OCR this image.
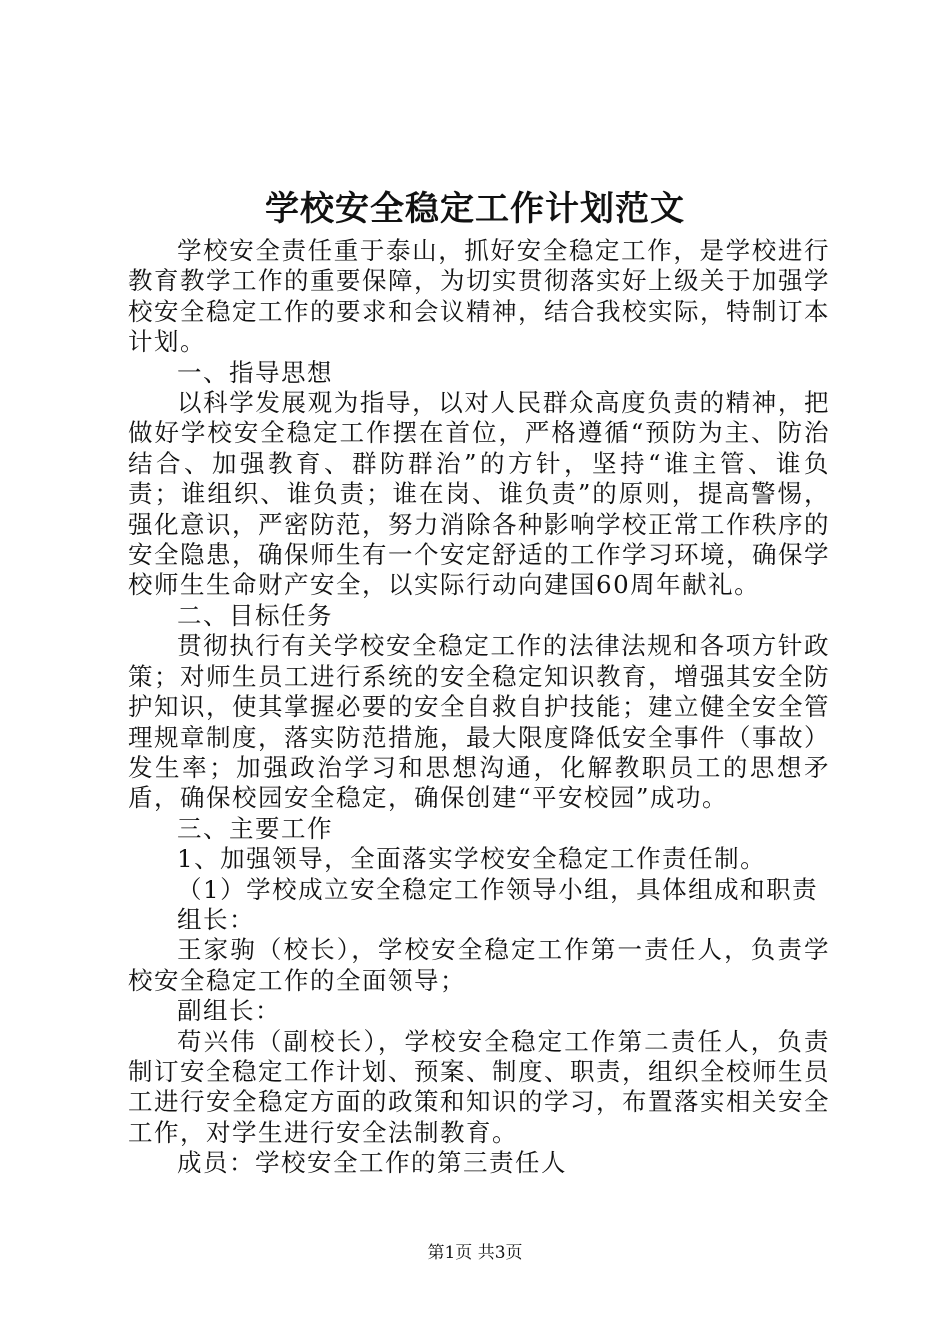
学校安全稳定工作计划范文

学校安全责任重于泰山，抓好安全稳定工作，是学校进行教育教学工作的重要保障，为切实贯彻落实好上级关于加强学校安全稳定工作的要求和会议精神，结合我校实际，特制订本计划。

一、指导思想

以科学发展观为指导，以对人民群众高度负责的精神，把做好学校安全稳定工作摆在首位，严格遵循“预防为主、防治结合、加强教育、群防群治”的方针，坚持“谁主管、谁负责；谁组织、谁负责；谁在岗、谁负责”的原则，提高警惕，强化意识，严密防范，努力消除各种影响学校正常工作秩序的安全隐患，确保师生有一个安定舒适的工作学习环境，确保学校师生生命财产安全，以实际行动向建国60周年献礼。

二、目标任务

贯彻执行有关学校安全稳定工作的法律法规和各项方针政策；对师生员工进行系统的安全稳定知识教育，增强其安全防护知识，使其掌握必要的安全自救自护技能；建立健全安全管理规章制度，落实防范措施，最大限度降低安全事件（事故）发生率；加强政治学习和思想沟通，化解教职员工的思想矛盾，确保校园安全稳定，确保创建“平安校园”成功。

三、主要工作

1、加强领导，全面落实学校安全稳定工作责任制。

（1）学校成立安全稳定工作领导小组，具体组成和职责

组长：

王家驹（校长），学校安全稳定工作第一责任人，负责学校安全稳定工作的全面领导；

副组长：

苟兴伟（副校长），学校安全稳定工作第二责任人，负责制订安全稳定工作计划、预案、制度、职责，组织全校师生员工进行安全稳定方面的政策和知识的学习，布置落实相关安全工作，对学生进行安全法制教育。

成员：学校安全工作的第三责任人

第1页 共3页
